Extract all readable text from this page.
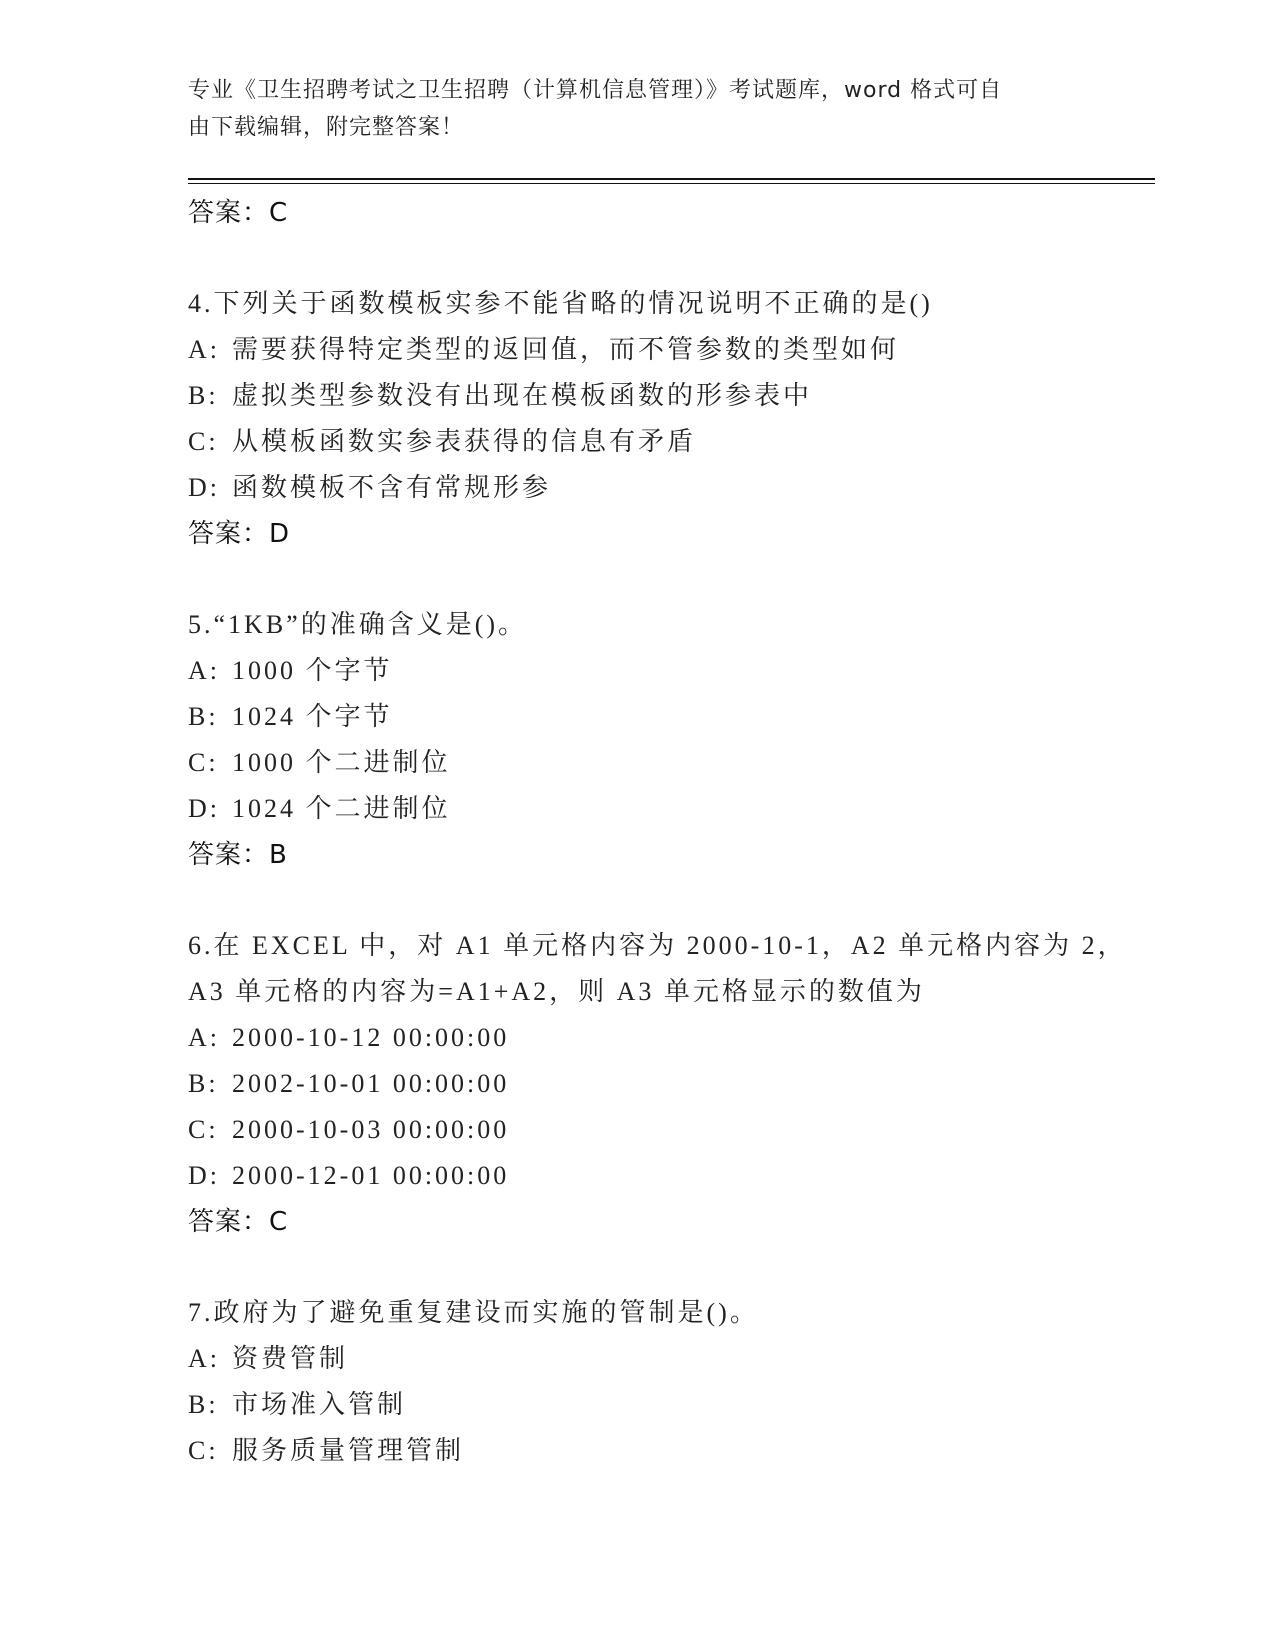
专业《卫生招聘考试之卫生招聘（计算机信息管理）》考试题库，word 格式可自
由下载编辑，附完整答案！
答案：C
4.下列关于函数模板实参不能省略的情况说明不正确的是()
A: 需要获得特定类型的返回值，而不管参数的类型如何
B: 虚拟类型参数没有出现在模板函数的形参表中
C: 从模板函数实参表获得的信息有矛盾
D: 函数模板不含有常规形参
答案：D
5.“1KB”的准确含义是()。
A: 1000 个字节
B: 1024 个字节
C: 1000 个二进制位
D: 1024 个二进制位
答案：B
6.在 EXCEL 中，对 A1 单元格内容为 2000-10-1，A2 单元格内容为 2，
A3 单元格的内容为=A1+A2，则 A3 单元格显示的数值为
A: 2000-10-12 00:00:00
B: 2002-10-01 00:00:00
C: 2000-10-03 00:00:00
D: 2000-12-01 00:00:00
答案：C
7.政府为了避免重复建设而实施的管制是()。
A: 资费管制
B: 市场准入管制
C: 服务质量管理管制
